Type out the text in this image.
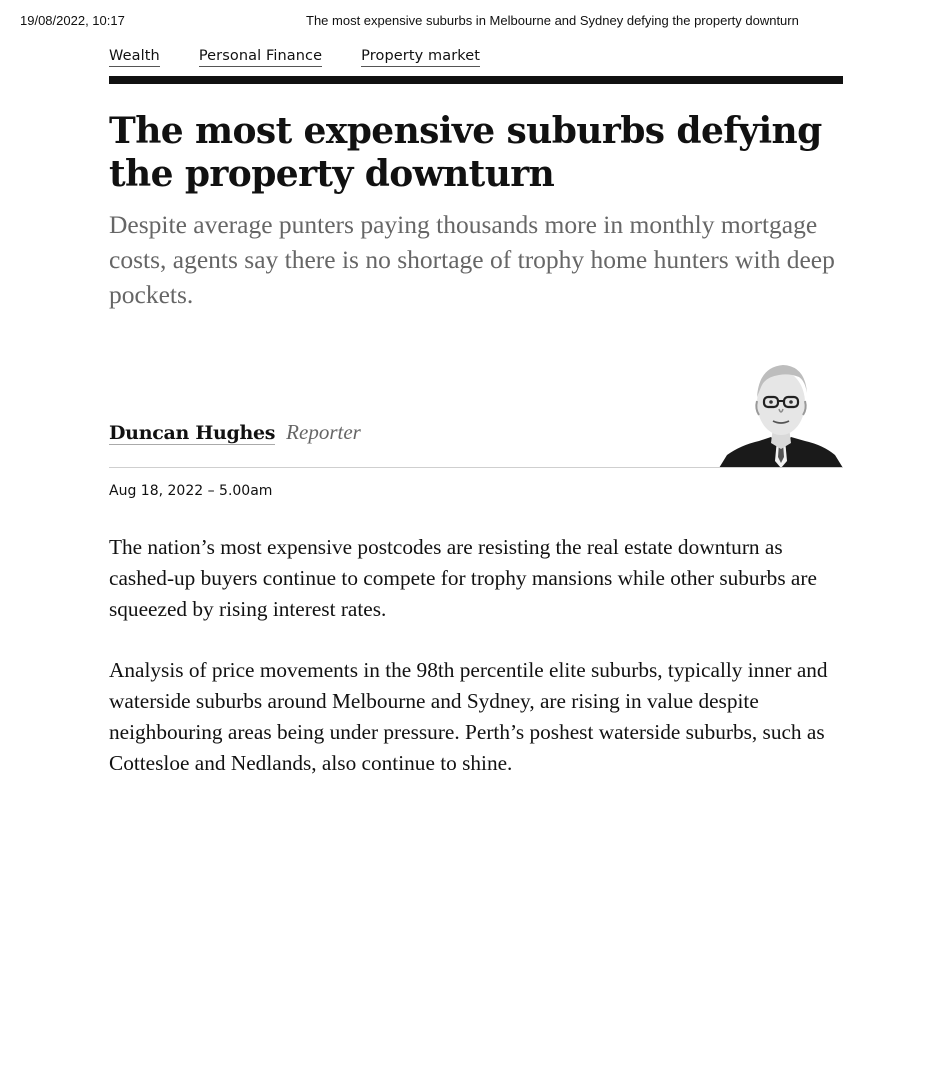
19/08/2022, 10:17	The most expensive suburbs in Melbourne and Sydney defying the property downturn
Wealth	Personal Finance	Property market
The most expensive suburbs defying the property downturn

Despite average punters paying thousands more in monthly mortgage costs, agents say there is no shortage of trophy home hunters with deep pockets.

Duncan Hughes Reporter
Aug 18, 2022 – 5.00am

The nation’s most expensive postcodes are resisting the real estate downturn as cashed-up buyers continue to compete for trophy mansions while other suburbs are squeezed by rising interest rates.

Analysis of price movements in the 98th percentile elite suburbs, typically inner and waterside suburbs around Melbourne and Sydney, are rising in value despite neighbouring areas being under pressure. Perth’s poshest waterside suburbs, such as Cottesloe and Nedlands, also continue to shine.
